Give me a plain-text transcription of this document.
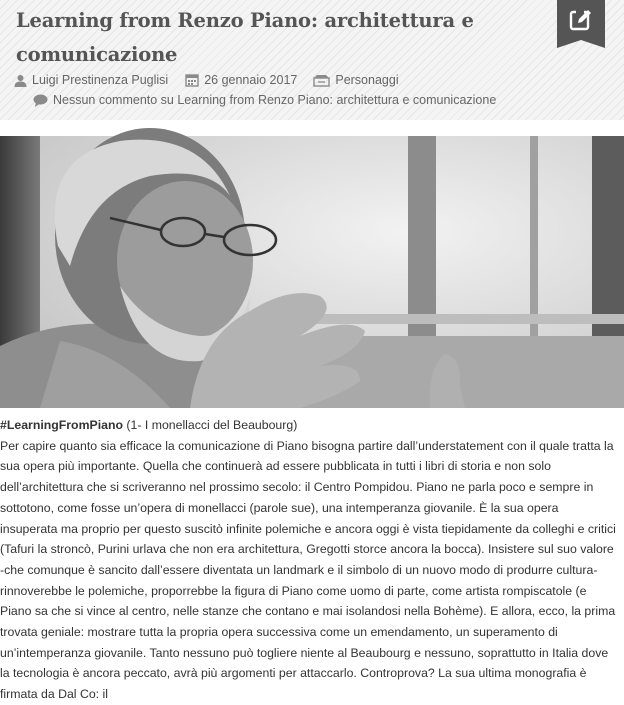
Learning from Renzo Piano: architettura e comunicazione
Luigi Prestinenza Puglisi	26 gennaio 2017	Personaggi
Nessun commento su Learning from Renzo Piano: architettura e comunicazione

#LearningFromPiano (1- I monellacci del Beaubourg)

Per capire quanto sia efficace la comunicazione di Piano bisogna partire dall’understatement con il quale tratta la sua opera più importante. Quella che continuerà ad essere pubblicata in tutti i libri di storia e non solo dell’architettura che si scriveranno nel prossimo secolo: il Centro Pompidou. Piano ne parla poco e sempre in sottotono, come fosse un’opera di monellacci (parole sue), una intemperanza giovanile. È la sua opera insuperata ma proprio per questo suscitò infinite polemiche e ancora oggi è vista tiepidamente da colleghi e critici (Tafuri la stroncò, Purini urlava che non era architettura, Gregotti storce ancora la bocca). Insistere sul suo valore -che comunque è sancito dall’essere diventata un landmark e il simbolo di un nuovo modo di produrre cultura- rinnoverebbe le polemiche, proporrebbe la figura di Piano come uomo di parte, come artista rompiscatole (e Piano sa che si vince al centro, nelle stanze che contano e mai isolandosi nella Bohème). E allora, ecco, la prima trovata geniale: mostrare tutta la propria opera successiva come un emendamento, un superamento di un’intemperanza giovanile. Tanto nessuno può togliere niente al Beaubourg e nessuno, soprattutto in Italia dove la tecnologia è ancora peccato, avrà più argomenti per attaccarlo. Controprova? La sua ultima monografia è firmata da Dal Co: il
